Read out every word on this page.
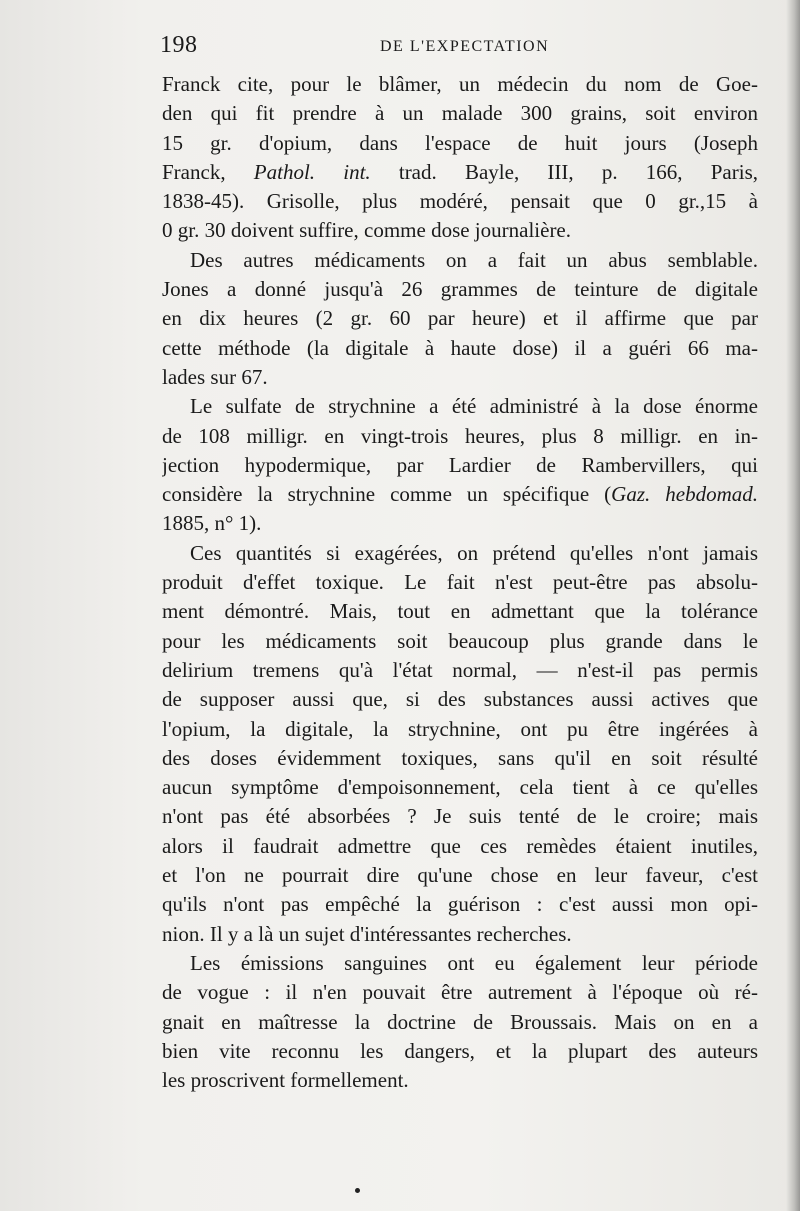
198	DE L'EXPECTATION
Franck cite, pour le blâmer, un médecin du nom de Goe-
den qui fit prendre à un malade 300 grains, soit environ
15 gr. d'opium, dans l'espace de huit jours (Joseph
Franck, Pathol. int. trad. Bayle, III, p. 166, Paris,
1838-45). Grisolle, plus modéré, pensait que 0 gr.,15 à
0 gr. 30 doivent suffire, comme dose journalière.
Des autres médicaments on a fait un abus semblable.
Jones a donné jusqu'à 26 grammes de teinture de digitale
en dix heures (2 gr. 60 par heure) et il affirme que par
cette méthode (la digitale à haute dose) il a guéri 66 ma-
lades sur 67.
Le sulfate de strychnine a été administré à la dose énorme
de 108 milligr. en vingt-trois heures, plus 8 milligr. en in-
jection hypodermique, par Lardier de Rambervillers, qui
considère la strychnine comme un spécifique (Gaz. hebdomad.
1885, n° 1).
Ces quantités si exagérées, on prétend qu'elles n'ont jamais
produit d'effet toxique. Le fait n'est peut-être pas absolu-
ment démontré. Mais, tout en admettant que la tolérance
pour les médicaments soit beaucoup plus grande dans le
delirium tremens qu'à l'état normal, — n'est-il pas permis
de supposer aussi que, si des substances aussi actives que
l'opium, la digitale, la strychnine, ont pu être ingérées à
des doses évidemment toxiques, sans qu'il en soit résulté
aucun symptôme d'empoisonnement, cela tient à ce qu'elles
n'ont pas été absorbées ? Je suis tenté de le croire; mais
alors il faudrait admettre que ces remèdes étaient inutiles,
et l'on ne pourrait dire qu'une chose en leur faveur, c'est
qu'ils n'ont pas empêché la guérison : c'est aussi mon opi-
nion. Il y a là un sujet d'intéressantes recherches.
Les émissions sanguines ont eu également leur période
de vogue : il n'en pouvait être autrement à l'époque où ré-
gnait en maîtresse la doctrine de Broussais. Mais on en a
bien vite reconnu les dangers, et la plupart des auteurs
les proscrivent formellement.
